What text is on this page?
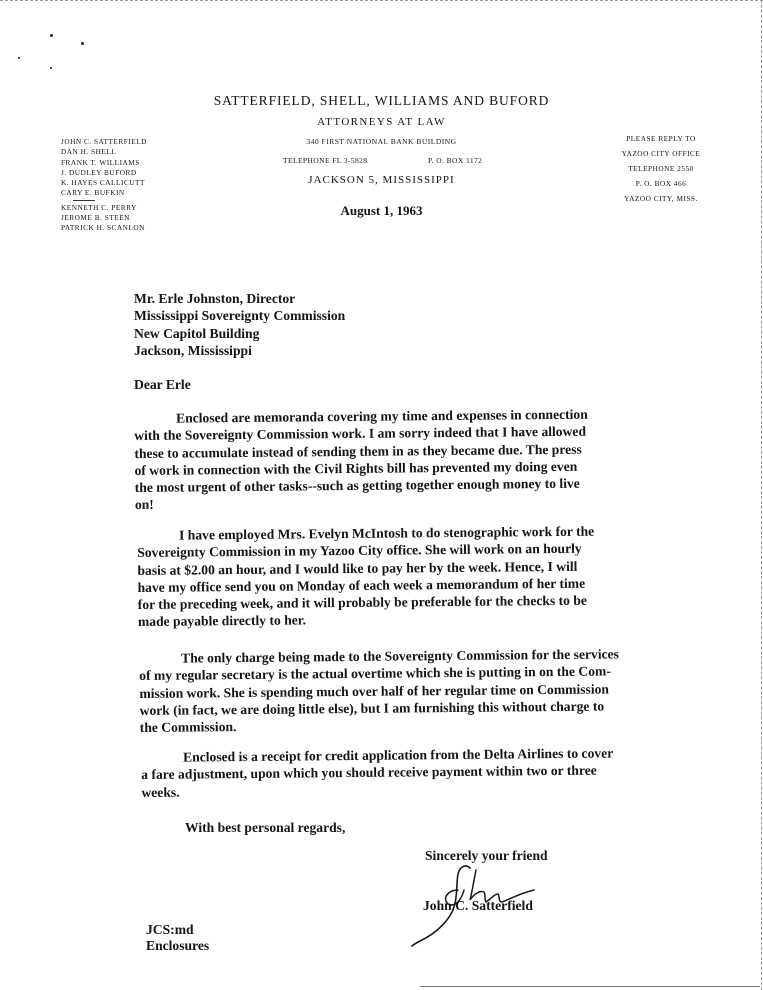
SATTERFIELD, SHELL, WILLIAMS AND BUFORD
ATTORNEYS AT LAW
340 FIRST NATIONAL BANK BUILDING
TELEPHONE FL 3-5828	P. O. BOX 1172
JACKSON 5, MISSISSIPPI
JOHN C. SATTERFIELD
DAN H. SHELL
FRANK T. WILLIAMS
J. DUDLEY BUFORD
K. HAYES CALLICUTT
CARY E. BUFKIN
KENNETH C. PERRY
JEROME B. STEEN
PATRICK H. SCANLON
PLEASE REPLY TO
YAZOO CITY OFFICE
TELEPHONE 2550
P. O. BOX 466
YAZOO CITY, MISS.
August 1, 1963
Mr. Erle Johnston, Director
Mississippi Sovereignty Commission
New Capitol Building
Jackson, Mississippi
Dear Erle
Enclosed are memoranda covering my time and expenses in connection
with the Sovereignty Commission work. I am sorry indeed that I have allowed
these to accumulate instead of sending them in as they became due. The press
of work in connection with the Civil Rights bill has prevented my doing even
the most urgent of other tasks--such as getting together enough money to live
on!
I have employed Mrs. Evelyn McIntosh to do stenographic work for the
Sovereignty Commission in my Yazoo City office. She will work on an hourly
basis at $2.00 an hour, and I would like to pay her by the week. Hence, I will
have my office send you on Monday of each week a memorandum of her time
for the preceding week, and it will probably be preferable for the checks to be
made payable directly to her.
The only charge being made to the Sovereignty Commission for the services
of my regular secretary is the actual overtime which she is putting in on the Com-
mission work. She is spending much over half of her regular time on Commission
work (in fact, we are doing little else), but I am furnishing this without charge to
the Commission.
Enclosed is a receipt for credit application from the Delta Airlines to cover
a fare adjustment, upon which you should receive payment within two or three
weeks.
With best personal regards,
Sincerely your friend
John C. Satterfield
JCS:md
Enclosures
